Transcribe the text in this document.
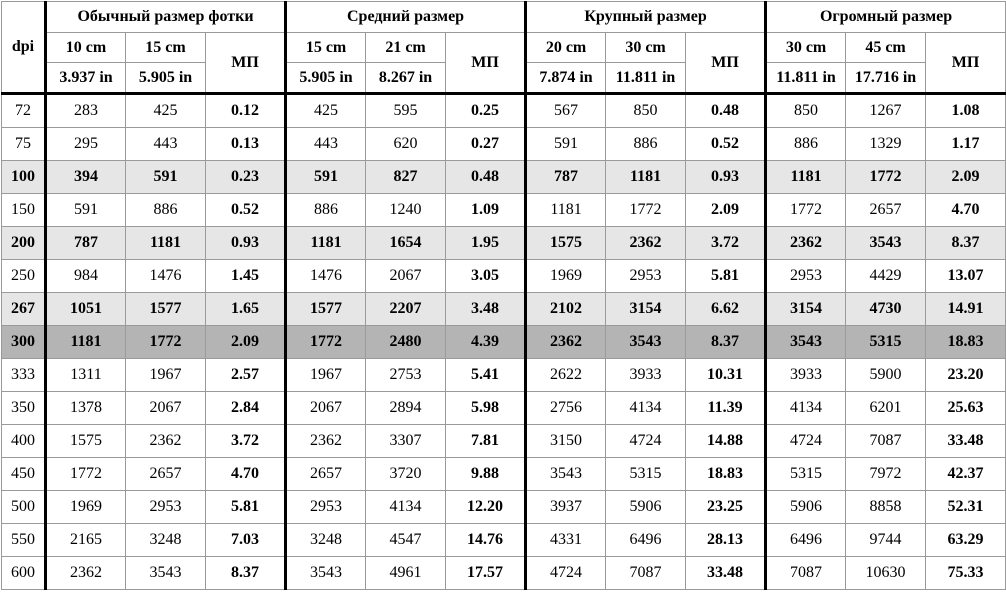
dpi	Обычный размер фотки			Средний размер			Крупный размер			Огромный размер		
	10 cm	15 cm	МП	15 cm	21 cm	МП	20 cm	30 cm	МП	30 cm	45 cm	МП
	3.937 in	5.905 in		5.905 in	8.267 in		7.874 in	11.811 in		11.811 in	17.716 in	
72	283	425	0.12	425	595	0.25	567	850	0.48	850	1267	1.08
75	295	443	0.13	443	620	0.27	591	886	0.52	886	1329	1.17
100	394	591	0.23	591	827	0.48	787	1181	0.93	1181	1772	2.09
150	591	886	0.52	886	1240	1.09	1181	1772	2.09	1772	2657	4.70
200	787	1181	0.93	1181	1654	1.95	1575	2362	3.72	2362	3543	8.37
250	984	1476	1.45	1476	2067	3.05	1969	2953	5.81	2953	4429	13.07
267	1051	1577	1.65	1577	2207	3.48	2102	3154	6.62	3154	4730	14.91
300	1181	1772	2.09	1772	2480	4.39	2362	3543	8.37	3543	5315	18.83
333	1311	1967	2.57	1967	2753	5.41	2622	3933	10.31	3933	5900	23.20
350	1378	2067	2.84	2067	2894	5.98	2756	4134	11.39	4134	6201	25.63
400	1575	2362	3.72	2362	3307	7.81	3150	4724	14.88	4724	7087	33.48
450	1772	2657	4.70	2657	3720	9.88	3543	5315	18.83	5315	7972	42.37
500	1969	2953	5.81	2953	4134	12.20	3937	5906	23.25	5906	8858	52.31
550	2165	3248	7.03	3248	4547	14.76	4331	6496	28.13	6496	9744	63.29
600	2362	3543	8.37	3543	4961	17.57	4724	7087	33.48	7087	10630	75.33
